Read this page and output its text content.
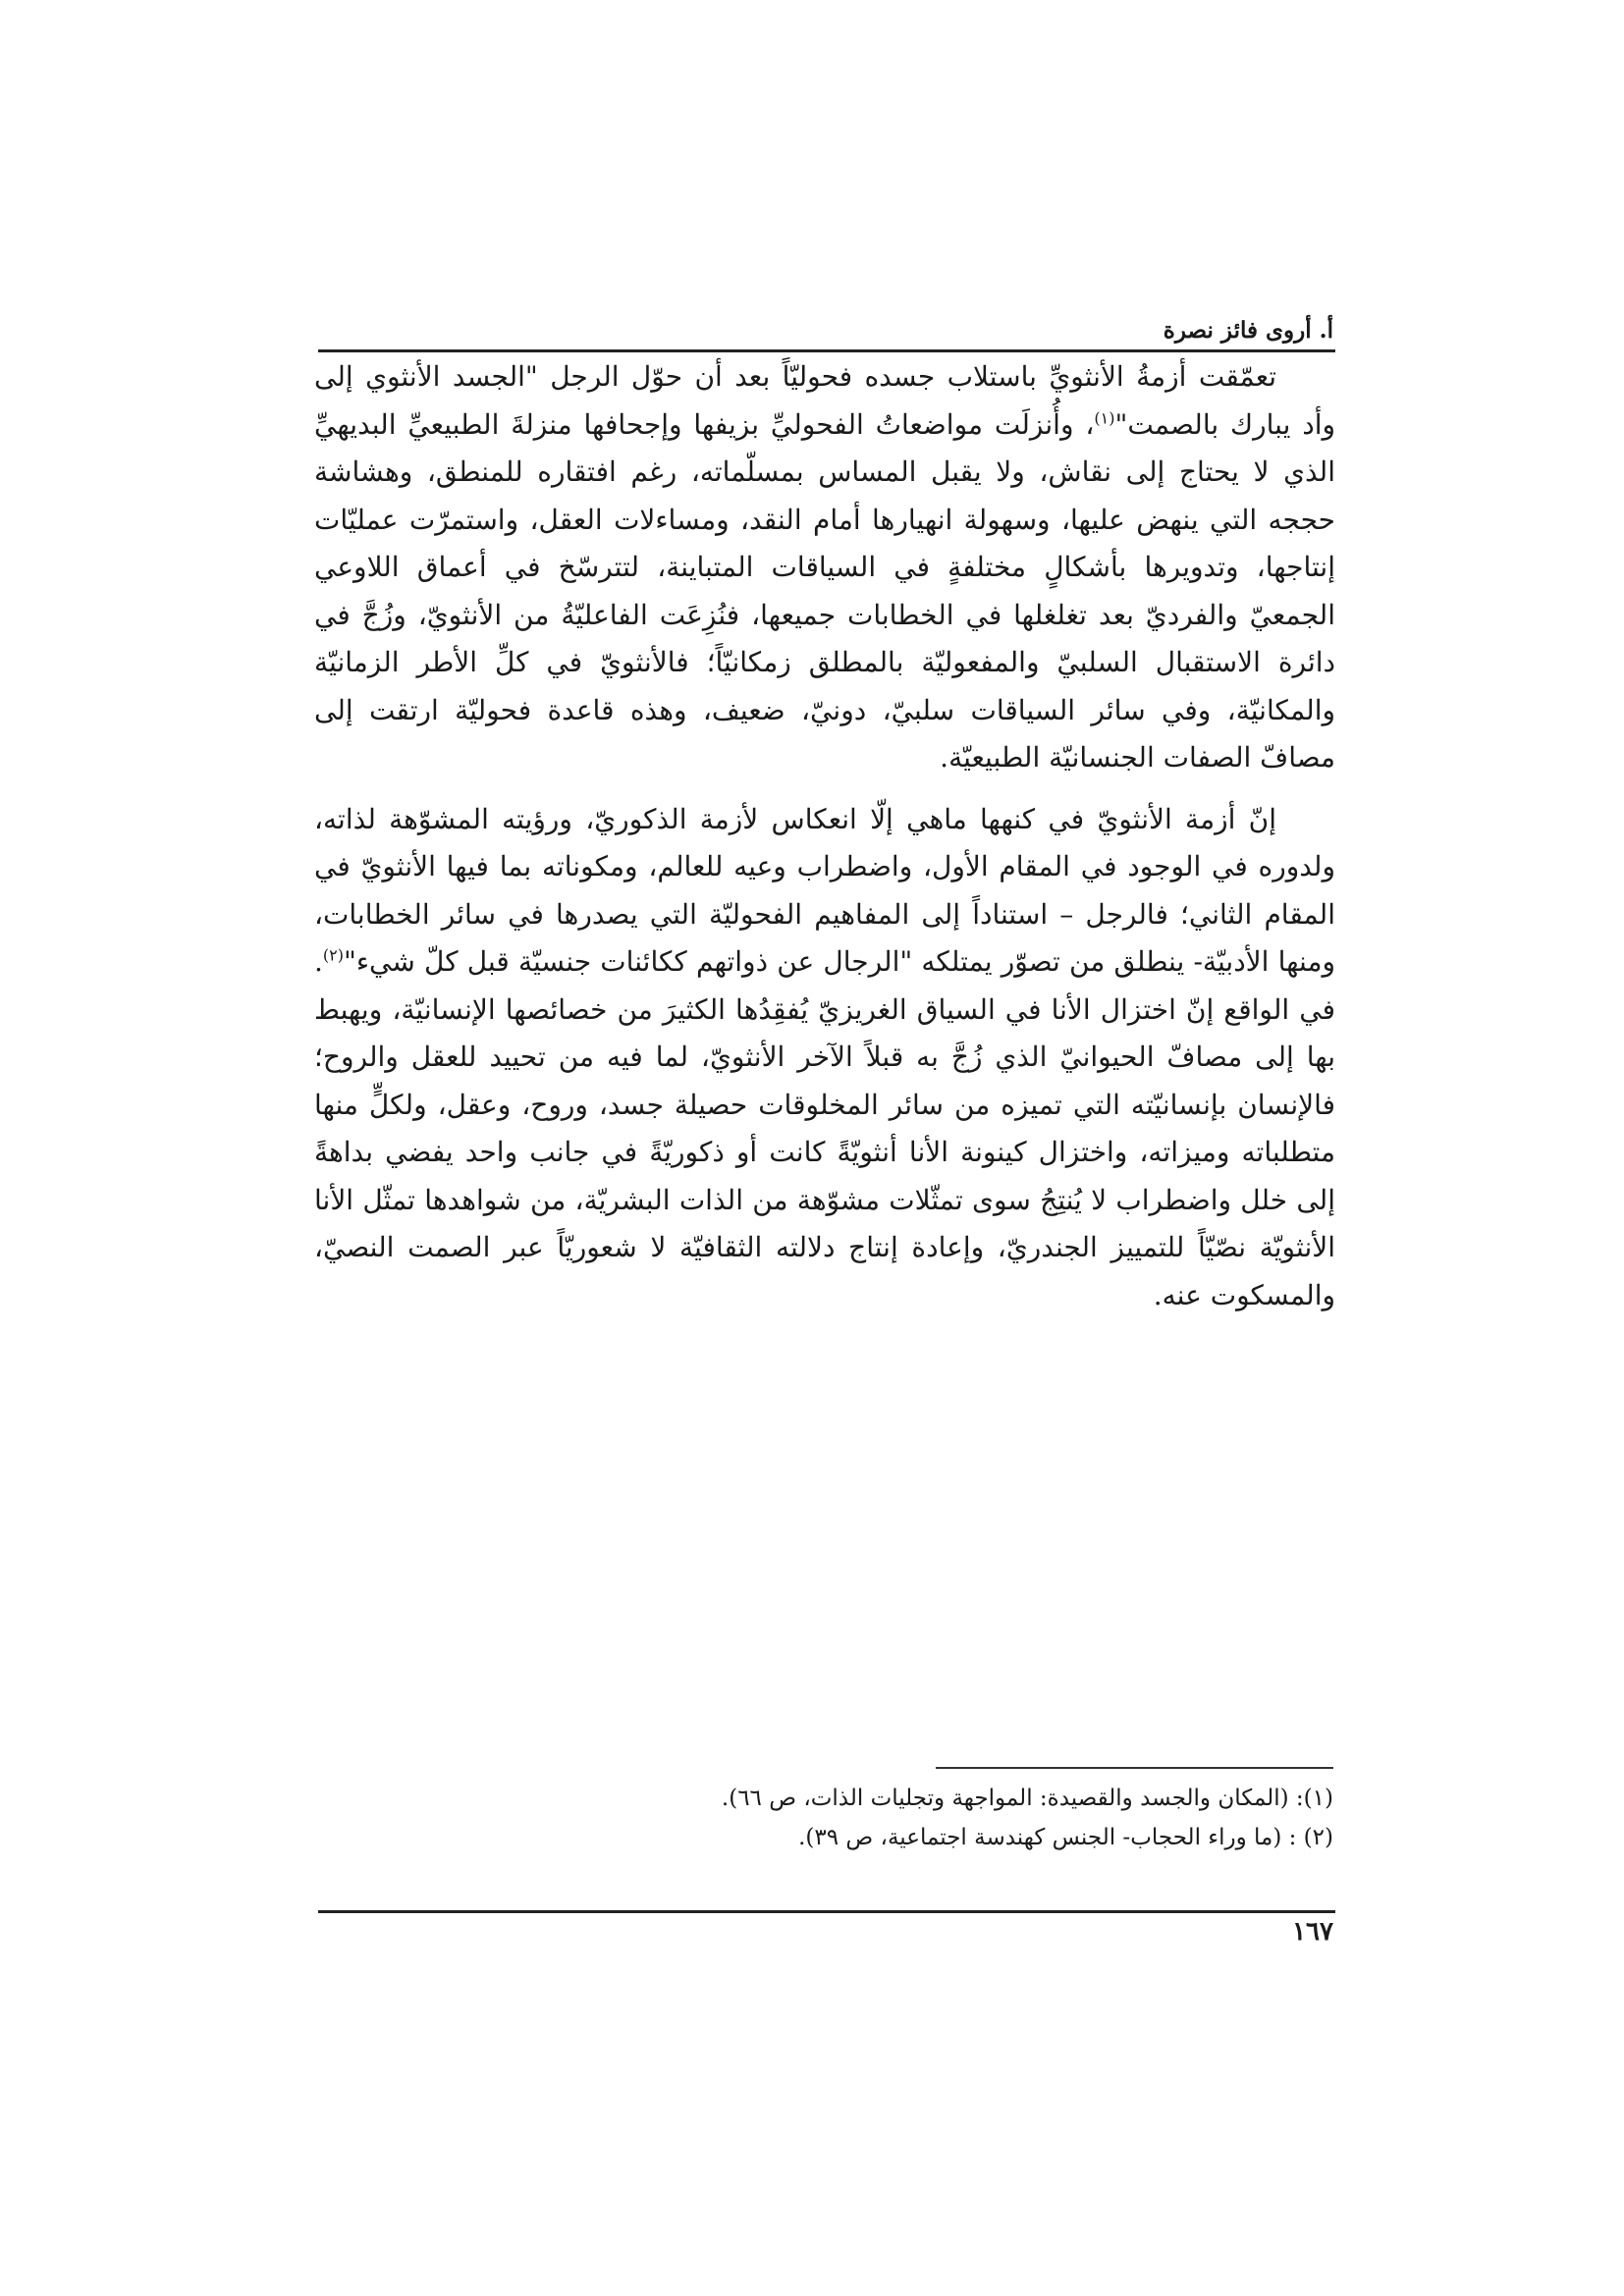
أ. أروى فائز نصرة

تعمّقت أزمةُ الأنثويِّ باستلاب جسده فحوليّاً بعد أن حوّل الرجل "الجسد الأنثوي إلى وأد يبارك بالصمت"$^{(١)}$، وأُنزلَت مواضعاتُ الفحوليِّ بزيفها وإجحافها منزلةَ الطبيعيِّ البديهيِّ الذي لا يحتاج إلى نقاش، ولا يقبل المساس بمسلّماته، رغم افتقاره للمنطق، وهشاشة حججه التي ينهض عليها، وسهولة انهيارها أمام النقد، ومساءلات العقل، واستمرّت عمليّات إنتاجها، وتدويرها بأشكالٍ مختلفةٍ في السياقات المتباينة، لتترسّخ في أعماق اللاوعي الجمعيّ والفرديّ بعد تغلغلها في الخطابات جميعها، فنُزِعَت الفاعليّةُ من الأنثويّ، وزُجَّ في دائرة الاستقبال السلبيّ والمفعوليّة بالمطلق زمكانيّاً؛ فالأنثويّ في كلِّ الأطر الزمانيّة والمكانيّة، وفي سائر السياقات سلبيّ، دونيّ، ضعيف، وهذه قاعدة فحوليّة ارتقت إلى مصافّ الصفات الجنسانيّة الطبيعيّة.

إنّ أزمة الأنثويّ في كنهها ماهي إلّا انعكاس لأزمة الذكوريّ، ورؤيته المشوّهة لذاته، ولدوره في الوجود في المقام الأول، واضطراب وعيه للعالم، ومكوناته بما فيها الأنثويّ في المقام الثاني؛ فالرجل – استناداً إلى المفاهيم الفحوليّة التي يصدرها في سائر الخطابات، ومنها الأدبيّة- ينطلق من تصوّر يمتلكه "الرجال عن ذواتهم ككائنات جنسيّة قبل كلّ شيء"$^{(٢)}$. في الواقع إنّ اختزال الأنا في السياق الغريزيّ يُفقِدُها الكثيرَ من خصائصها الإنسانيّة، ويهبط بها إلى مصافّ الحيوانيّ الذي زُجَّ به قبلاً الآخر الأنثويّ، لما فيه من تحييد للعقل والروح؛ فالإنسان بإنسانيّته التي تميزه من سائر المخلوقات حصيلة جسد، وروح، وعقل، ولكلٍّ منها متطلباته وميزاته، واختزال كينونة الأنا أنثويّةً كانت أو ذكوريّةً في جانب واحد يفضي بداهةً إلى خلل واضطراب لا يُنتِجُ سوى تمثّلات مشوّهة من الذات البشريّة، من شواهدها تمثّل الأنا الأنثويّة نصّيّاً للتمييز الجندريّ، وإعادة إنتاج دلالته الثقافيّة لا شعوريّاً عبر الصمت النصيّ، والمسكوت عنه.

(١): (المكان والجسد والقصيدة: المواجهة وتجليات الذات، ص ٦٦).
(٢) : (ما وراء الحجاب- الجنس كهندسة اجتماعية، ص ٣٩).
١٦٧
